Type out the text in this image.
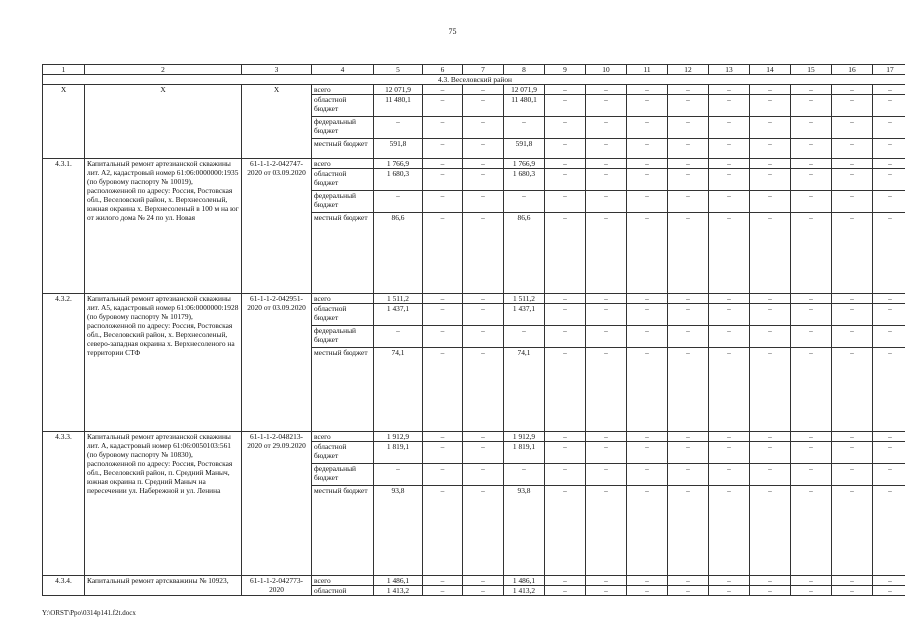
75
1	2	3	4	5	6	7	8	9	10	11	12	13	14	15	16	17
4.3. Веселовский район																
Х	Х	Х	всего	12 071,9	–	–	12 071,9	–	–	–	–	–	–	–	–	–
			областной бюджет	11 480,1	–	–	11 480,1	–	–	–	–	–	–	–	–	–
			федеральный бюджет	–	–	–	–	–	–	–	–	–	–	–	–	–
			местный бюджет	591,8	–	–	591,8	–	–	–	–	–	–	–	–	–
4.3.1.	Капитальный ремонт артезианской скважины лит. А2, кадастровый номер 61:06:0000000:1935 (по буровому паспорту № 10019), расположенной по адресу: Россия, Ростовская обл., Веселовский район, х. Верхнесоленый, южная окраина х. Верхнесоленый в 100 м на юг от жилого дома № 24 по ул. Новая	61-1-1-2-042747-2020 от 03.09.2020	всего	1 766,9	–	–	1 766,9	–	–	–	–	–	–	–	–	–
			областной бюджет	1 680,3	–	–	1 680,3	–	–	–	–	–	–	–	–	–
			федеральный бюджет	–	–	–	–	–	–	–	–	–	–	–	–	–
			местный бюджет	86,6	–	–	86,6	–	–	–	–	–	–	–	–	–
4.3.2.	Капитальный ремонт артезианской скважины лит. А5, кадастровый номер 61:06:0000000:1928 (по буровому паспорту № 10179), расположенной по адресу: Россия, Ростовская обл., Веселовский район, х. Верхнесоленый, северо-западная окраина х. Верхнесоленого на территории СТФ	61-1-1-2-042951-2020 от 03.09.2020	всего	1 511,2	–	–	1 511,2	–	–	–	–	–	–	–	–	–
			областной бюджет	1 437,1	–	–	1 437,1	–	–	–	–	–	–	–	–	–
			федеральный бюджет	–	–	–	–	–	–	–	–	–	–	–	–	–
			местный бюджет	74,1	–	–	74,1	–	–	–	–	–	–	–	–	–
4.3.3.	Капитальный ремонт артезианской скважины лит. А, кадастровый номер 61:06:0050103:561 (по буровому паспорту № 10830), расположенной по адресу: Россия, Ростовская обл., Веселовский район, п. Средний Маныч, южная окраина п. Средний Маныч на пересечении ул. Набережной и ул. Ленина	61-1-1-2-048213-2020 от 29.09.2020	всего	1 912,9	–	–	1 912,9	–	–	–	–	–	–	–	–	–
			областной бюджет	1 819,1	–	–	1 819,1	–	–	–	–	–	–	–	–	–
			федеральный бюджет	–	–	–	–	–	–	–	–	–	–	–	–	–
			местный бюджет	93,8	–	–	93,8	–	–	–	–	–	–	–	–	–
4.3.4.	Капитальный ремонт артскважины № 10923,	61-1-1-2-042773-2020	всего	1 486,1	–	–	1 486,1	–	–	–	–	–	–	–	–	–
			областной	1 413,2	–	–	1 413,2	–	–	–	–	–	–	–	–	–
Y:\ORST\Ppo\0314p141.f2t.docx
